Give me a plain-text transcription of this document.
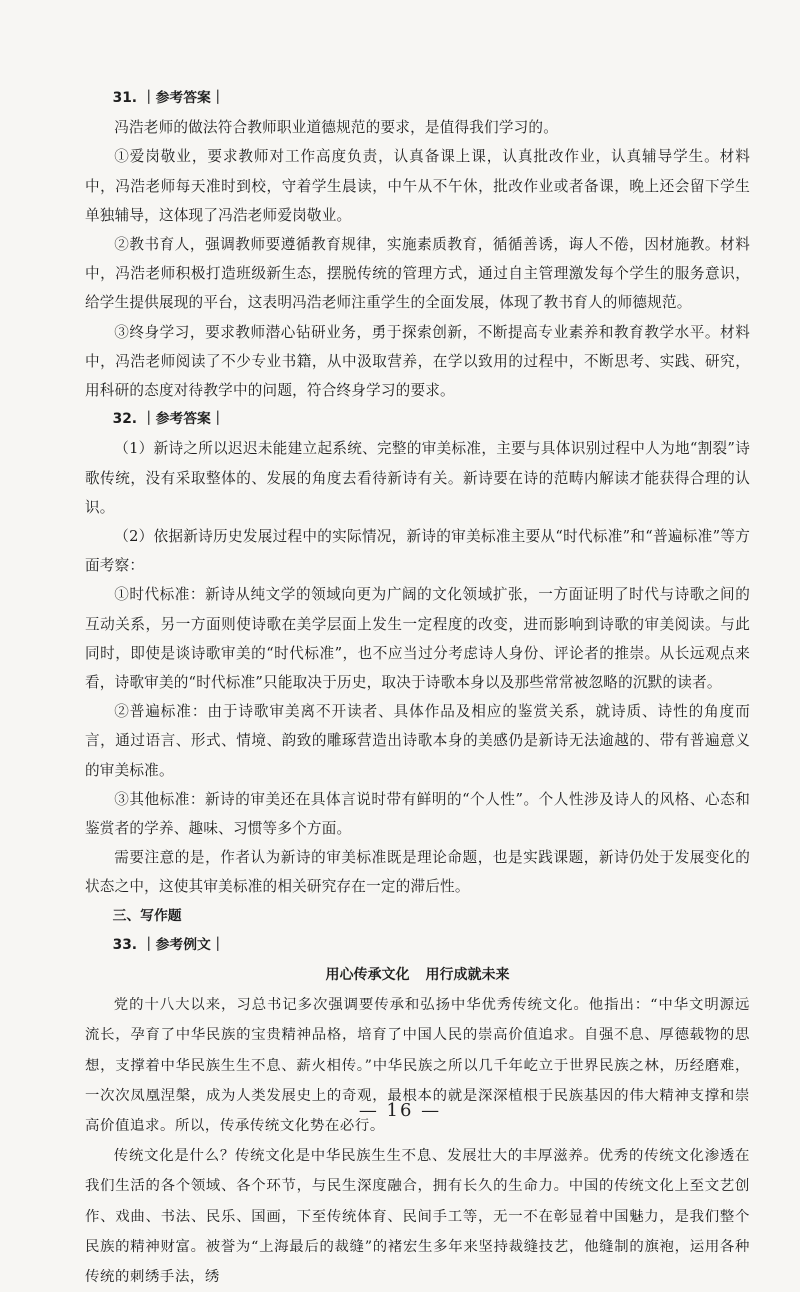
31. ｜参考答案｜

冯浩老师的做法符合教师职业道德规范的要求，是值得我们学习的。

①爱岗敬业，要求教师对工作高度负责，认真备课上课，认真批改作业，认真辅导学生。材料中，冯浩老师每天准时到校，守着学生晨读，中午从不午休，批改作业或者备课，晚上还会留下学生单独辅导，这体现了冯浩老师爱岗敬业。

②教书育人，强调教师要遵循教育规律，实施素质教育，循循善诱，诲人不倦，因材施教。材料中，冯浩老师积极打造班级新生态，摆脱传统的管理方式，通过自主管理激发每个学生的服务意识，给学生提供展现的平台，这表明冯浩老师注重学生的全面发展，体现了教书育人的师德规范。

③终身学习，要求教师潜心钻研业务，勇于探索创新，不断提高专业素养和教育教学水平。材料中，冯浩老师阅读了不少专业书籍，从中汲取营养，在学以致用的过程中，不断思考、实践、研究，用科研的态度对待教学中的问题，符合终身学习的要求。

32. ｜参考答案｜

（1）新诗之所以迟迟未能建立起系统、完整的审美标准，主要与具体识别过程中人为地“割裂”诗歌传统，没有采取整体的、发展的角度去看待新诗有关。新诗要在诗的范畴内解读才能获得合理的认识。

（2）依据新诗历史发展过程中的实际情况，新诗的审美标准主要从“时代标准”和“普遍标准”等方面考察：

①时代标准：新诗从纯文学的领域向更为广阔的文化领域扩张，一方面证明了时代与诗歌之间的互动关系，另一方面则使诗歌在美学层面上发生一定程度的改变，进而影响到诗歌的审美阅读。与此同时，即使是谈诗歌审美的“时代标准”，也不应当过分考虑诗人身份、评论者的推崇。从长远观点来看，诗歌审美的“时代标准”只能取决于历史，取决于诗歌本身以及那些常常被忽略的沉默的读者。

②普遍标准：由于诗歌审美离不开读者、具体作品及相应的鉴赏关系，就诗质、诗性的角度而言，通过语言、形式、情境、韵致的雕琢营造出诗歌本身的美感仍是新诗无法逾越的、带有普遍意义的审美标准。

③其他标准：新诗的审美还在具体言说时带有鲜明的“个人性”。个人性涉及诗人的风格、心态和鉴赏者的学养、趣味、习惯等多个方面。

需要注意的是，作者认为新诗的审美标准既是理论命题，也是实践课题，新诗仍处于发展变化的状态之中，这使其审美标准的相关研究存在一定的滞后性。

三、写作题

33. ｜参考例文｜

用心传承文化 用行成就未来

党的十八大以来，习总书记多次强调要传承和弘扬中华优秀传统文化。他指出：“中华文明源远流长，孕育了中华民族的宝贵精神品格，培育了中国人民的崇高价值追求。自强不息、厚德载物的思想，支撑着中华民族生生不息、薪火相传。”中华民族之所以几千年屹立于世界民族之林，历经磨难，一次次凤凰涅槃，成为人类发展史上的奇观，最根本的就是深深植根于民族基因的伟大精神支撑和崇高价值追求。所以，传承传统文化势在必行。

传统文化是什么？传统文化是中华民族生生不息、发展壮大的丰厚滋养。优秀的传统文化渗透在我们生活的各个领域、各个环节，与民生深度融合，拥有长久的生命力。中国的传统文化上至文艺创作、戏曲、书法、民乐、国画，下至传统体育、民间手工等，无一不在彰显着中国魅力，是我们整个民族的精神财富。被誉为“上海最后的裁缝”的褚宏生多年来坚持裁缝技艺，他缝制的旗袍，运用各种传统的刺绣手法，绣

— 16 —
